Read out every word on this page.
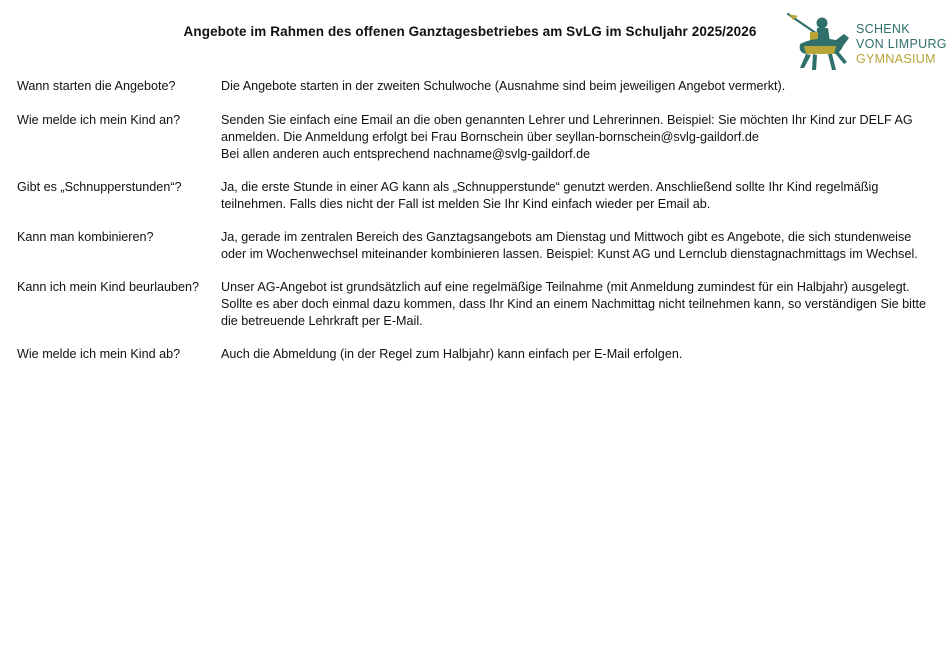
Angebote im Rahmen des offenen Ganztagesbetriebes am SvLG im Schuljahr 2025/2026	SCHENK
VON LIMPURG
GYMNASIUM
Wann starten die Angebote?	Die Angebote starten in der zweiten Schulwoche (Ausnahme sind beim jeweiligen Angebot vermerkt).

Wie melde ich mein Kind an?	Senden Sie einfach eine Email an die oben genannten Lehrer und Lehrerinnen. Beispiel: Sie möchten Ihr Kind zur DELF AG anmelden. Die Anmeldung erfolgt bei Frau Bornschein über seyllan-bornschein@svlg-gaildorf.de

Bei allen anderen auch entsprechend nachname@svlg-gaildorf.de

Gibt es „Schnupperstunden“?	Ja, die erste Stunde in einer AG kann als „Schnupperstunde“ genutzt werden. Anschließend sollte Ihr Kind regelmäßig teilnehmen. Falls dies nicht der Fall ist melden Sie Ihr Kind einfach wieder per Email ab.

Kann man kombinieren?	Ja, gerade im zentralen Bereich des Ganztagsangebots am Dienstag und Mittwoch gibt es Angebote, die sich stundenweise oder im Wochenwechsel miteinander kombinieren lassen. Beispiel: Kunst AG und Lernclub dienstagnachmittags im Wechsel.

Kann ich mein Kind beurlauben?	Unser AG-Angebot ist grundsätzlich auf eine regelmäßige Teilnahme (mit Anmeldung zumindest für ein Halbjahr) ausgelegt. Sollte es aber doch einmal dazu kommen, dass Ihr Kind an einem Nachmittag nicht teilnehmen kann, so verständigen Sie bitte die betreuende Lehrkraft per E-Mail.

Wie melde ich mein Kind ab?	Auch die Abmeldung (in der Regel zum Halbjahr) kann einfach per E-Mail erfolgen.
